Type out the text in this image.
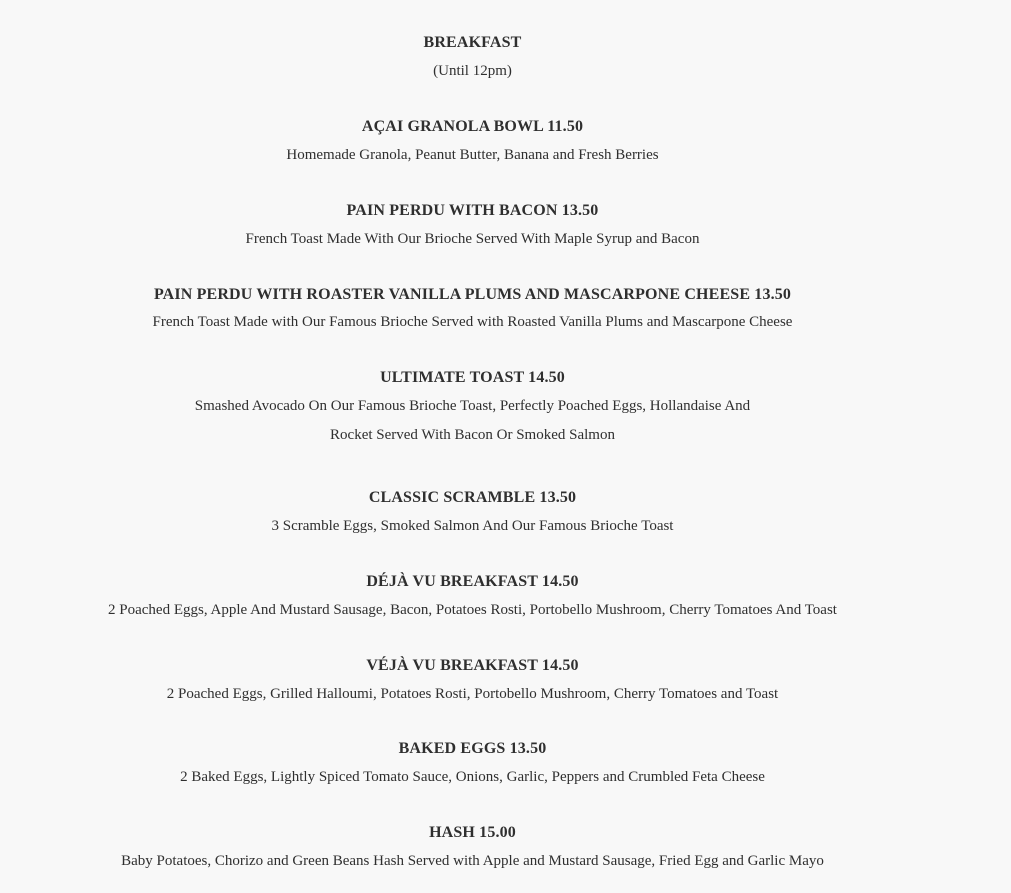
BREAKFAST
(Until 12pm)
AÇAI GRANOLA BOWL 11.50
Homemade Granola, Peanut Butter, Banana and Fresh Berries
PAIN PERDU WITH BACON 13.50
French Toast Made With Our Brioche Served With Maple Syrup and Bacon
PAIN PERDU WITH ROASTER VANILLA PLUMS AND MASCARPONE CHEESE 13.50
French Toast Made with Our Famous Brioche Served with Roasted Vanilla Plums and Mascarpone Cheese
ULTIMATE TOAST 14.50
Smashed Avocado On Our Famous Brioche Toast, Perfectly Poached Eggs, Hollandaise And
Rocket Served With Bacon Or Smoked Salmon
CLASSIC SCRAMBLE 13.50
3 Scramble Eggs, Smoked Salmon And Our Famous Brioche Toast
DÉJÀ VU BREAKFAST 14.50
2 Poached Eggs, Apple And Mustard Sausage, Bacon, Potatoes Rosti, Portobello Mushroom, Cherry Tomatoes And Toast
VÉJÀ VU BREAKFAST 14.50
2 Poached Eggs, Grilled Halloumi, Potatoes Rosti, Portobello Mushroom, Cherry Tomatoes and Toast
BAKED EGGS 13.50
2 Baked Eggs, Lightly Spiced Tomato Sauce, Onions, Garlic, Peppers and Crumbled Feta Cheese
HASH 15.00
Baby Potatoes, Chorizo and Green Beans Hash Served with Apple and Mustard Sausage, Fried Egg and Garlic Mayo
